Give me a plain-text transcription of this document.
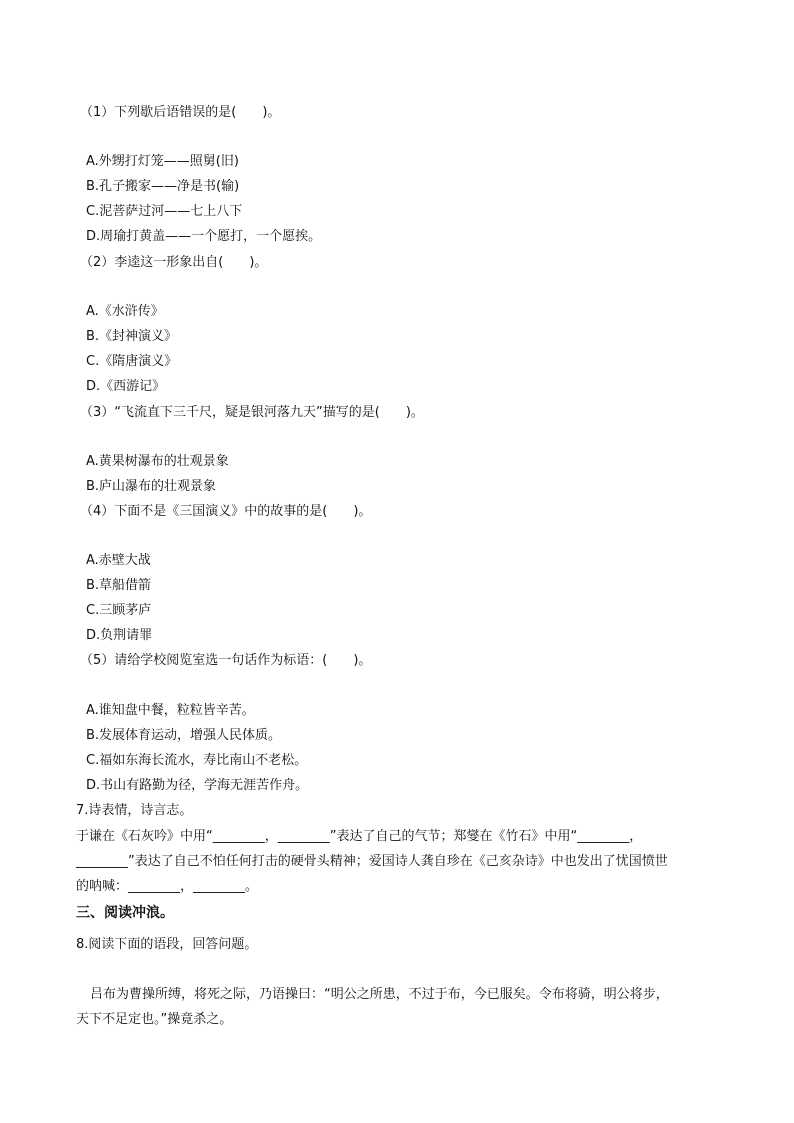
（1）下列歇后语错误的是(　　)。
A.外甥打灯笼——照舅(旧)
B.孔子搬家——净是书(输)
C.泥菩萨过河——七上八下
D.周瑜打黄盖——一个愿打，一个愿挨。
（2）李逵这一形象出自(　　)。
A.《水浒传》
B.《封神演义》
C.《隋唐演义》
D.《西游记》
（3）“飞流直下三千尺，疑是银河落九天”描写的是(　　)。
A.黄果树瀑布的壮观景象
B.庐山瀑布的壮观景象
（4）下面不是《三国演义》中的故事的是(　　)。
A.赤壁大战
B.草船借箭
C.三顾茅庐
D.负荆请罪
（5）请给学校阅览室选一句话作为标语：(　　)。
A.谁知盘中餐，粒粒皆辛苦。
B.发展体育运动，增强人民体质。
C.福如东海长流水，寿比南山不老松。
D.书山有路勤为径，学海无涯苦作舟。
7.诗表情，诗言志。
于谦在《石灰吟》中用“________，________”表达了自己的气节；郑燮在《竹石》中用“________，
________”表达了自己不怕任何打击的硬骨头精神；爱国诗人龚自珍在《己亥杂诗》中也发出了忧国愤世
的呐喊：________，________。
三、阅读冲浪。
8.阅读下面的语段，回答问题。
吕布为曹操所缚，将死之际，乃语操曰：“明公之所患，不过于布，今已服矣。令布将骑，明公将步，
天下不足定也。”操竟杀之。
